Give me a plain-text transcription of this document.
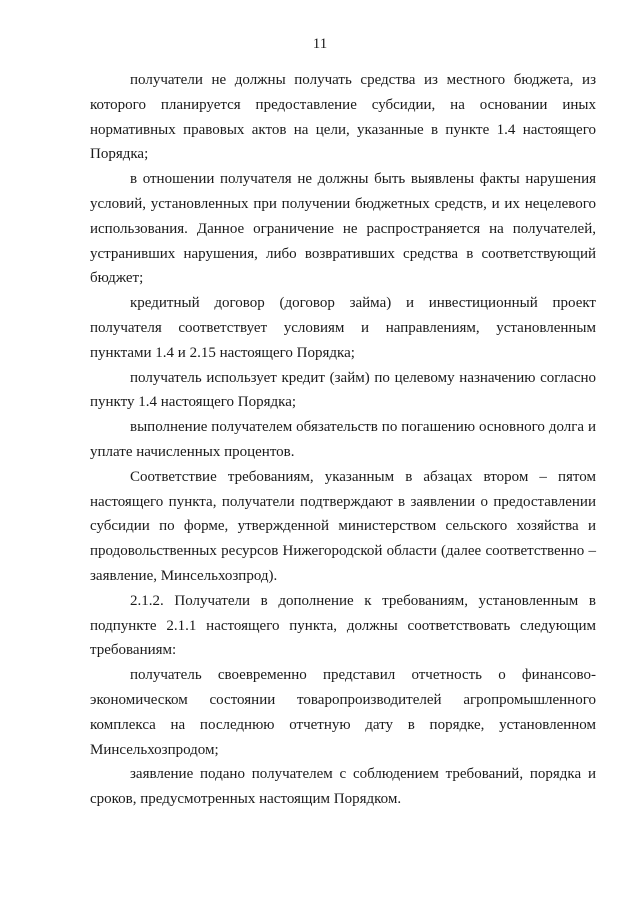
11

получатели не должны получать средства из местного бюджета, из которого планируется предоставление субсидии, на основании иных нормативных правовых актов на цели, указанные в пункте 1.4 настоящего Порядка;

в отношении получателя не должны быть выявлены факты нарушения условий, установленных при получении бюджетных средств, и их нецелевого использования. Данное ограничение не распространяется на получателей, устранивших нарушения, либо возвративших средства в соответствующий бюджет;

кредитный договор (договор займа) и инвестиционный проект получателя соответствует условиям и направлениям, установленным пунктами 1.4 и 2.15 настоящего Порядка;

получатель использует кредит (займ) по целевому назначению согласно пункту 1.4 настоящего Порядка;

выполнение получателем обязательств по погашению основного долга и уплате начисленных процентов.

Соответствие требованиям, указанным в абзацах втором – пятом настоящего пункта, получатели подтверждают в заявлении о предоставлении субсидии по форме, утвержденной министерством сельского хозяйства и продовольственных ресурсов Нижегородской области (далее соответственно – заявление, Минсельхозпрод).

2.1.2. Получатели в дополнение к требованиям, установленным в подпункте 2.1.1 настоящего пункта, должны соответствовать следующим требованиям:

получатель своевременно представил отчетность о финансово-экономическом состоянии товаропроизводителей агропромышленного комплекса на последнюю отчетную дату в порядке, установленном Минсельхозпродом;

заявление подано получателем с соблюдением требований, порядка и сроков, предусмотренных настоящим Порядком.
